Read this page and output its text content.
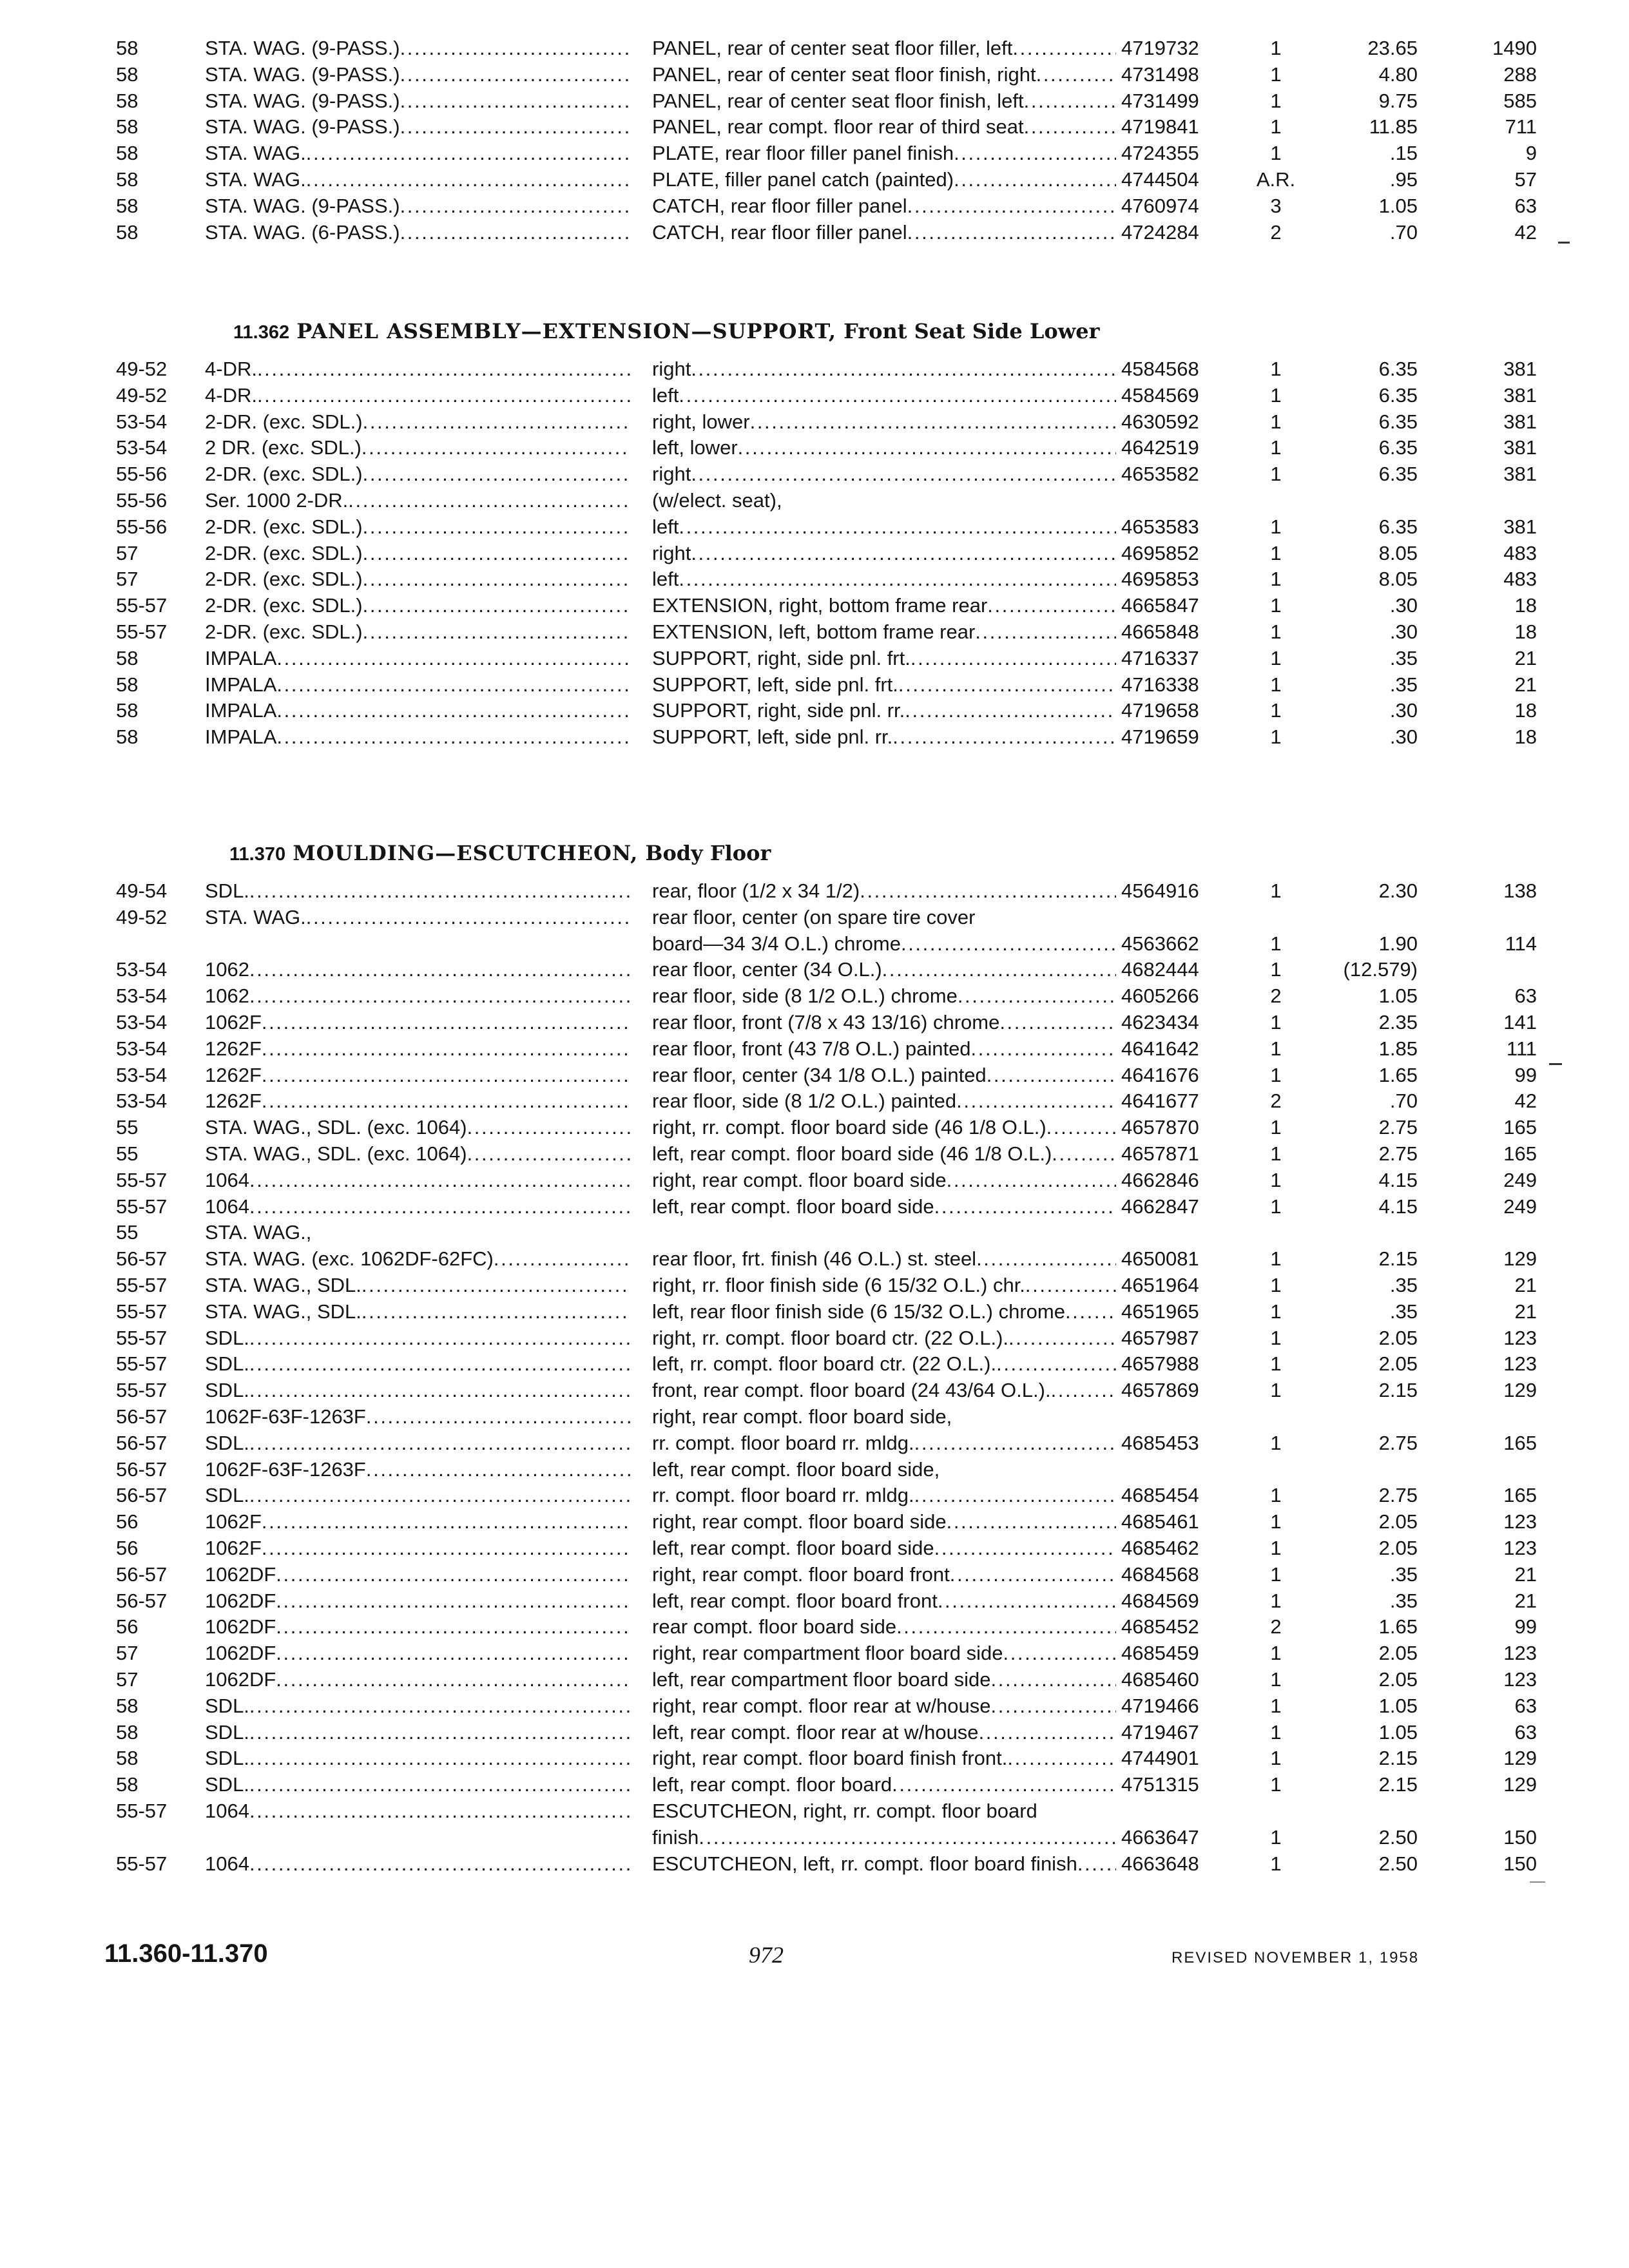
58	STA. WAG. (9-PASS.) . . .	PANEL, rear of center seat floor filler, left . . .	4719732	1	23.65	1490
58	STA. WAG. (9-PASS.) . . .	PANEL, rear of center seat floor finish, right . . .	4731498	1	4.80	288
58	STA. WAG. (9-PASS.) . . .	PANEL, rear of center seat floor finish, left . . .	4731499	1	9.75	585
58	STA. WAG. (9-PASS.) . . .	PANEL, rear compt. floor rear of third seat . . .	4719841	1	11.85	711
58	STA. WAG. . . .	PLATE, rear floor filler panel finish . . .	4724355	1	.15	9
58	STA. WAG. . . .	PLATE, filler panel catch (painted) . . .	4744504	A.R.	.95	57
58	STA. WAG. (9-PASS.) . . .	CATCH, rear floor filler panel . . .	4760974	3	1.05	63
58	STA. WAG. (6-PASS.) . . .	CATCH, rear floor filler panel . . .	4724284	2	.70	42
11.362 PANEL ASSEMBLY—EXTENSION—SUPPORT, Front Seat Side Lower
49-52	4-DR. . . .	right . . .	4584568	1	6.35	381
49-52	4-DR. . . .	left . . .	4584569	1	6.35	381
53-54	2-DR. (exc. SDL.) . . .	right, lower . . .	4630592	1	6.35	381
53-54	2 DR. (exc. SDL.) . . .	left, lower . . .	4642519	1	6.35	381
55-56	2-DR. (exc. SDL.) . . .	right . . .	4653582	1	6.35	381
55-56	Ser. 1000 2-DR. . . .	(w/elect. seat),
55-56	2-DR. (exc. SDL.) . . .	left . . .	4653583	1	6.35	381
57	2-DR. (exc. SDL.) . . .	right . . .	4695852	1	8.05	483
57	2-DR. (exc. SDL.) . . .	left . . .	4695853	1	8.05	483
55-57	2-DR. (exc. SDL.) . . .	EXTENSION, right, bottom frame rear . . .	4665847	1	.30	18
55-57	2-DR. (exc. SDL.) . . .	EXTENSION, left, bottom frame rear . . .	4665848	1	.30	18
58	IMPALA . . .	SUPPORT, right, side pnl. frt. . . .	4716337	1	.35	21
58	IMPALA . . .	SUPPORT, left, side pnl. frt. . . .	4716338	1	.35	21
58	IMPALA . . .	SUPPORT, right, side pnl. rr. . . .	4719658	1	.30	18
58	IMPALA . . .	SUPPORT, left, side pnl. rr. . . .	4719659	1	.30	18
11.370 MOULDING—ESCUTCHEON, Body Floor
49-54	SDL. . . .	rear, floor (1/2 x 34 1/2) . . .	4564916	1	2.30	138
49-52	STA. WAG. . . .	rear floor, center (on spare tire cover
board—34 3/4 O.L.) chrome . . .	4563662	1	1.90	114
53-54	1062 . . .	rear floor, center (34 O.L.) . . .	4682444	1	(12.579)
53-54	1062 . . .	rear floor, side (8 1/2 O.L.) chrome . . .	4605266	2	1.05	63
53-54	1062F . . .	rear floor, front (7/8 x 43 13/16) chrome . . .	4623434	1	2.35	141
53-54	1262F . . .	rear floor, front (43 7/8 O.L.) painted . . .	4641642	1	1.85	111
53-54	1262F . . .	rear floor, center (34 1/8 O.L.) painted . . .	4641676	1	1.65	99
53-54	1262F . . .	rear floor, side (8 1/2 O.L.) painted . . .	4641677	2	.70	42
55	STA. WAG., SDL. (exc. 1064) . . .	right, rr. compt. floor board side (46 1/8 O.L.) . . .	4657870	1	2.75	165
55	STA. WAG., SDL. (exc. 1064) . . .	left, rear compt. floor board side (46 1/8 O.L.) . . .	4657871	1	2.75	165
55-57	1064 . . .	right, rear compt. floor board side . . .	4662846	1	4.15	249
55-57	1064 . . .	left, rear compt. floor board side . . .	4662847	1	4.15	249
55	STA. WAG.,
56-57	STA. WAG. (exc. 1062DF-62FC) . . .	rear floor, frt. finish (46 O.L.) st. steel . . .	4650081	1	2.15	129
55-57	STA. WAG., SDL. . . .	right, rr. floor finish side (6 15/32 O.L.) chr. . . .	4651964	1	.35	21
55-57	STA. WAG., SDL. . . .	left, rear floor finish side (6 15/32 O.L.) chrome . . .	4651965	1	.35	21
55-57	SDL. . . .	right, rr. compt. floor board ctr. (22 O.L.). . . .	4657987	1	2.05	123
55-57	SDL. . . .	left, rr. compt. floor board ctr. (22 O.L.). . . .	4657988	1	2.05	123
55-57	SDL. . . .	front, rear compt. floor board (24 43/64 O.L.). . . .	4657869	1	2.15	129
56-57	1062F-63F-1263F . . .	right, rear compt. floor board side,
56-57	SDL. . . .	rr. compt. floor board rr. mldg. . . .	4685453	1	2.75	165
56-57	1062F-63F-1263F . . .	left, rear compt. floor board side,
56-57	SDL. . . .	rr. compt. floor board rr. mldg. . . .	4685454	1	2.75	165
56	1062F . . .	right, rear compt. floor board side . . .	4685461	1	2.05	123
56	1062F . . .	left, rear compt. floor board side . . .	4685462	1	2.05	123
56-57	1062DF . . .	right, rear compt. floor board front . . .	4684568	1	.35	21
56-57	1062DF . . .	left, rear compt. floor board front . . .	4684569	1	.35	21
56	1062DF . . .	rear compt. floor board side . . .	4685452	2	1.65	99
57	1062DF . . .	right, rear compartment floor board side . . .	4685459	1	2.05	123
57	1062DF . . .	left, rear compartment floor board side . . .	4685460	1	2.05	123
58	SDL. . . .	right, rear compt. floor rear at w/house . . .	4719466	1	1.05	63
58	SDL. . . .	left, rear compt. floor rear at w/house . . .	4719467	1	1.05	63
58	SDL. . . .	right, rear compt. floor board finish front. . . .	4744901	1	2.15	129
58	SDL. . . .	left, rear compt. floor board . . .	4751315	1	2.15	129
55-57	1064 . . .	ESCUTCHEON, right, rr. compt. floor board
finish . . .	4663647	1	2.50	150
55-57	1064 . . .	ESCUTCHEON, left, rr. compt. floor board finish . . . 4663648	1	2.50	150
11.360-11.370	972	REVISED NOVEMBER 1, 1958
